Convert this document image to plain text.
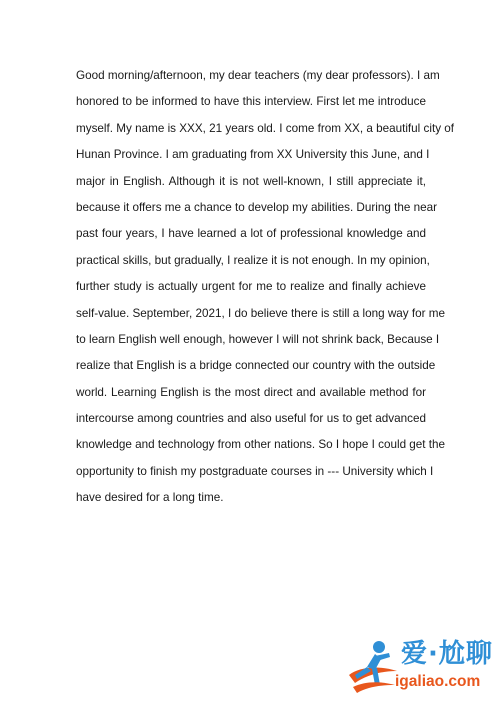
Good morning/afternoon, my dear teachers (my dear professors). I am
honored to be informed to have this interview. First let me introduce
myself. My name is XXX, 21 years old. I come from XX, a beautiful city of
Hunan Province. I am graduating from XX University this June, and I
major in English. Although it is not well-known, I still appreciate it,
because it offers me a chance to develop my abilities. During the near
past four years, I have learned a lot of professional knowledge and
practical skills, but gradually, I realize it is not enough. In my opinion,
further study is actually urgent for me to realize and finally achieve
self-value. September, 2021, I do believe there is still a long way for me
to learn English well enough, however I will not shrink back, Because I
realize that English is a bridge connected our country with the outside
world. Learning English is the most direct and available method for
intercourse among countries and also useful for us to get advanced
knowledge and technology from other nations. So I hope I could get the
opportunity to finish my postgraduate courses in --- University which I
have desired for a long time.
爱·尬聊
igaliao.com
